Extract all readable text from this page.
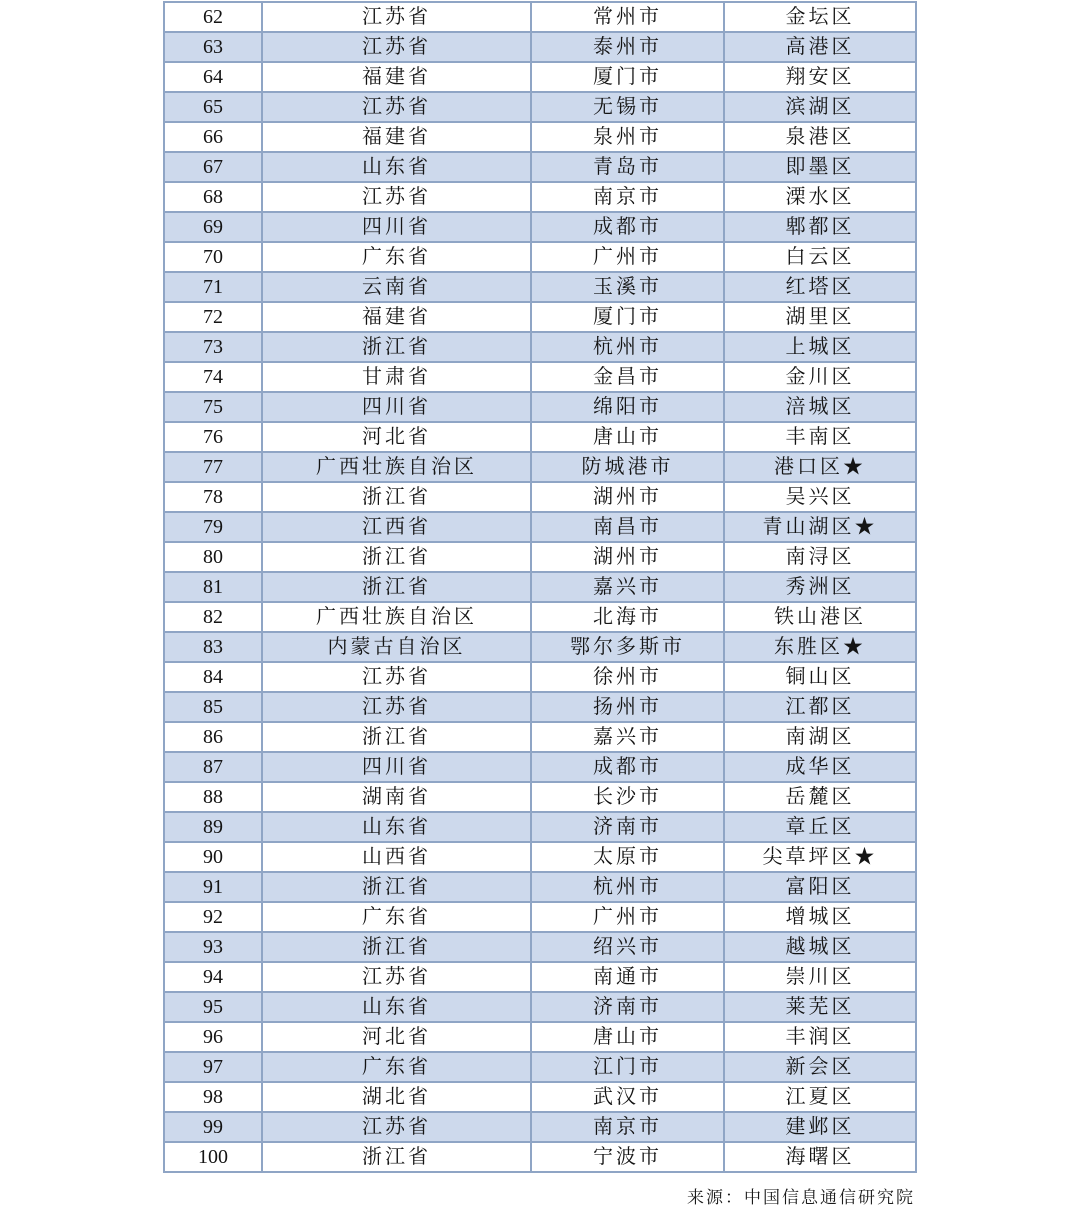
62	江苏省	常州市	金坛区
63	江苏省	泰州市	高港区
64	福建省	厦门市	翔安区
65	江苏省	无锡市	滨湖区
66	福建省	泉州市	泉港区
67	山东省	青岛市	即墨区
68	江苏省	南京市	溧水区
69	四川省	成都市	郫都区
70	广东省	广州市	白云区
71	云南省	玉溪市	红塔区
72	福建省	厦门市	湖里区
73	浙江省	杭州市	上城区
74	甘肃省	金昌市	金川区
75	四川省	绵阳市	涪城区
76	河北省	唐山市	丰南区
77	广西壮族自治区	防城港市	港口区★
78	浙江省	湖州市	吴兴区
79	江西省	南昌市	青山湖区★
80	浙江省	湖州市	南浔区
81	浙江省	嘉兴市	秀洲区
82	广西壮族自治区	北海市	铁山港区
83	内蒙古自治区	鄂尔多斯市	东胜区★
84	江苏省	徐州市	铜山区
85	江苏省	扬州市	江都区
86	浙江省	嘉兴市	南湖区
87	四川省	成都市	成华区
88	湖南省	长沙市	岳麓区
89	山东省	济南市	章丘区
90	山西省	太原市	尖草坪区★
91	浙江省	杭州市	富阳区
92	广东省	广州市	增城区
93	浙江省	绍兴市	越城区
94	江苏省	南通市	崇川区
95	山东省	济南市	莱芜区
96	河北省	唐山市	丰润区
97	广东省	江门市	新会区
98	湖北省	武汉市	江夏区
99	江苏省	南京市	建邺区
100	浙江省	宁波市	海曙区
来源：中国信息通信研究院
